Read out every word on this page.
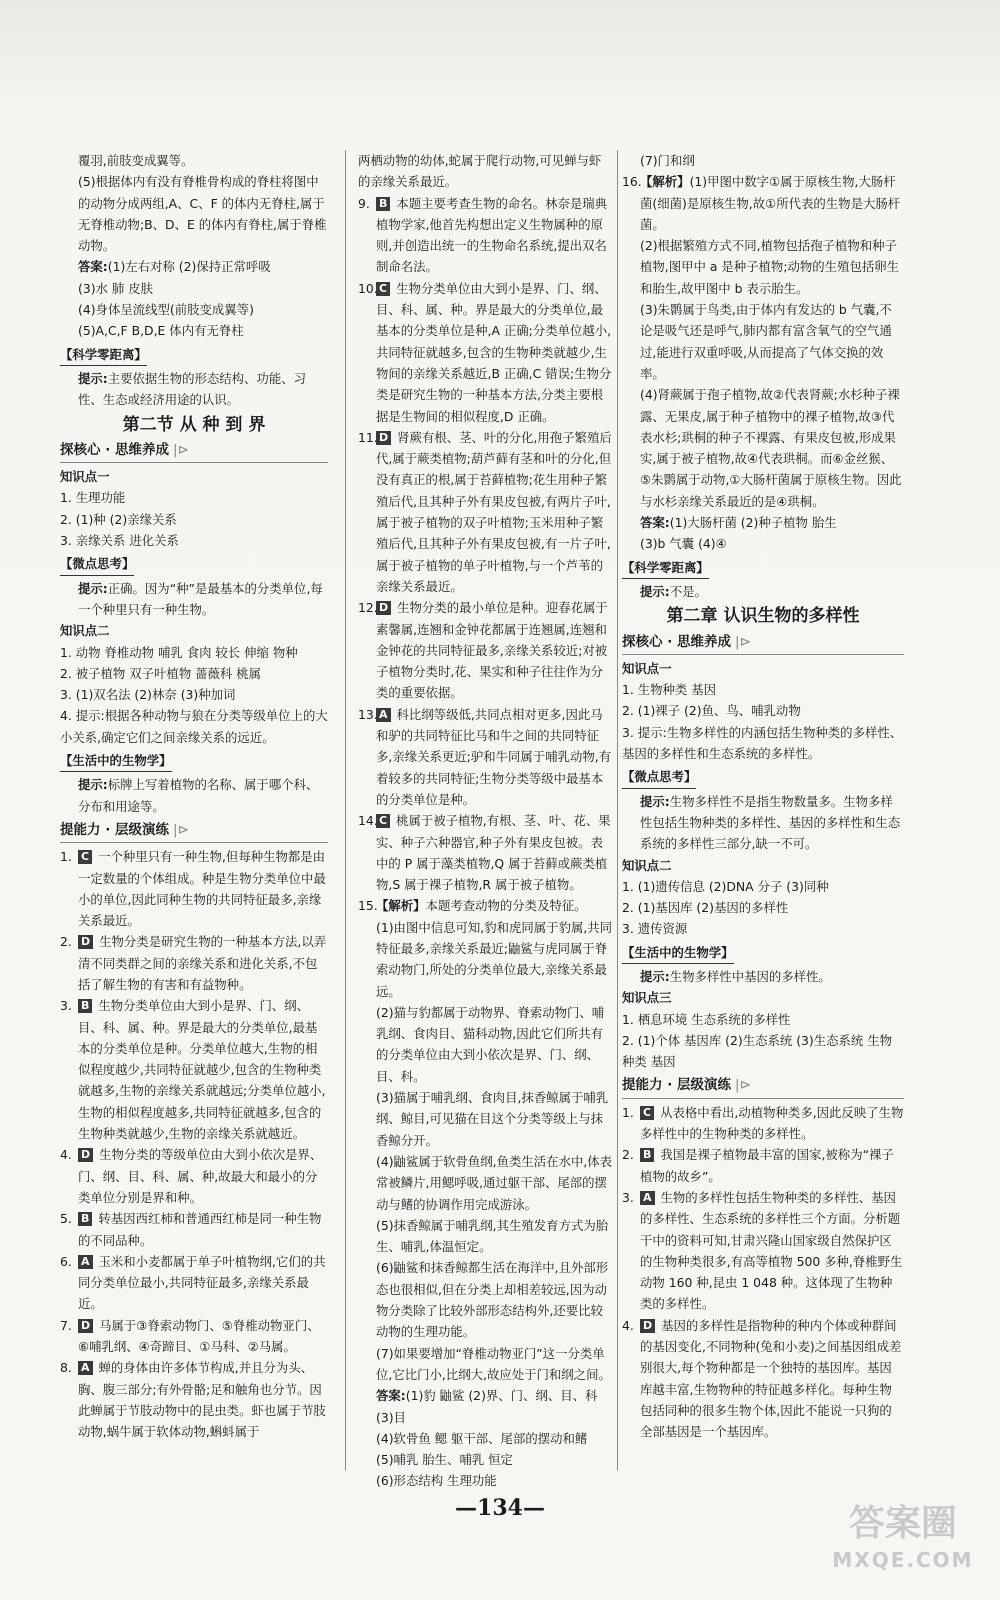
覆羽,前肢变成翼等。

(5)根据体内有没有脊椎骨构成的脊柱将图中的动物分成两组,A、C、F 的体内无脊柱,属于无脊椎动物;B、D、E 的体内有脊柱,属于脊椎动物。

答案:(1)左右对称 (2)保持正常呼吸

(3)水 肺 皮肤

(4)身体呈流线型(前肢变成翼等)

(5)A,C,F B,D,E 体内有无脊柱

【科学零距离】

提示:主要依据生物的形态结构、功能、习性、生态或经济用途的认识。

第二节 从 种 到 界
探核心 · 思维养成 |⊳
知识点一

1. 生理功能

2. (1)种 (2)亲缘关系

3. 亲缘关系 进化关系

【微点思考】

提示:正确。因为“种”是最基本的分类单位,每一个种里只有一种生物。

知识点二

1. 动物 脊椎动物 哺乳 食肉 较长 伸缩 物种

2. 被子植物 双子叶植物 蔷薇科 桃属

3. (1)双名法 (2)林奈 (3)种加词

4. 提示:根据各种动物与狼在分类等级单位上的大小关系,确定它们之间亲缘关系的远近。

【生活中的生物学】

提示:标牌上写着植物的名称、属于哪个科、分布和用途等。

提能力 · 层级演练 |⊳

1. C 一个种里只有一种生物,但每种生物都是由一定数量的个体组成。种是生物分类单位中最小的单位,因此同种生物的共同特征最多,亲缘关系最近。

2. D 生物分类是研究生物的一种基本方法,以弄清不同类群之间的亲缘关系和进化关系,不包括了解生物的有害和有益物种。

3. B 生物分类单位由大到小是界、门、纲、目、科、属、种。界是最大的分类单位,最基本的分类单位是种。分类单位越大,生物的相似程度越少,共同特征就越少,包含的生物种类就越多,生物的亲缘关系就越远;分类单位越小,生物的相似程度越多,共同特征就越多,包含的生物种类就越少,生物的亲缘关系就越近。

4. D 生物分类的等级单位由大到小依次是界、门、纲、目、科、属、种,故最大和最小的分类单位分别是界和种。

5. B 转基因西红柿和普通西红柿是同一种生物的不同品种。

6. A 玉米和小麦都属于单子叶植物纲,它们的共同分类单位最小,共同特征最多,亲缘关系最近。

7. D 马属于③脊索动物门、⑤脊椎动物亚门、⑥哺乳纲、④奇蹄目、①马科、②马属。

8. A 蝉的身体由许多体节构成,并且分为头、胸、腹三部分;有外骨骼;足和触角也分节。因此蝉属于节肢动物中的昆虫类。虾也属于节肢动物,蜗牛属于软体动物,蝌蚪属于

两栖动物的幼体,蛇属于爬行动物,可见蝉与虾的亲缘关系最近。

9. B 本题主要考查生物的命名。林奈是瑞典植物学家,他首先构想出定义生物属种的原则,并创造出统一的生物命名系统,提出双名制命名法。

10. C 生物分类单位由大到小是界、门、纲、目、科、属、种。界是最大的分类单位,最基本的分类单位是种,A 正确;分类单位越小,共同特征就越多,包含的生物种类就越少,生物间的亲缘关系越近,B 正确,C 错误;生物分类是研究生物的一种基本方法,分类主要根据是生物间的相似程度,D 正确。

11. D 肾蕨有根、茎、叶的分化,用孢子繁殖后代,属于蕨类植物;葫芦藓有茎和叶的分化,但没有真正的根,属于苔藓植物;花生用种子繁殖后代,且其种子外有果皮包被,有两片子叶,属于被子植物的双子叶植物;玉米用种子繁殖后代,且其种子外有果皮包被,有一片子叶,属于被子植物的单子叶植物,与一个芦苇的亲缘关系最近。

12. D 生物分类的最小单位是种。迎春花属于素馨属,连翘和金钟花都属于连翘属,连翘和金钟花的共同特征最多,亲缘关系较近;对被子植物分类时,花、果实和种子往往作为分类的重要依据。

13. A 科比纲等级低,共同点相对更多,因此马和驴的共同特征比马和牛之间的共同特征多,亲缘关系更近;驴和牛同属于哺乳动物,有着较多的共同特征;生物分类等级中最基本的分类单位是种。

14. C 桃属于被子植物,有根、茎、叶、花、果实、种子六种器官,种子外有果皮包被。表中的 P 属于藻类植物,Q 属于苔藓或蕨类植物,S 属于裸子植物,R 属于被子植物。

15.
【解析】本题考查动物的分类及特征。

(1)由图中信息可知,豹和虎同属于豹属,共同特征最多,亲缘关系最近;鼬鲨与虎同属于脊索动物门,所处的分类单位最大,亲缘关系最远。

(2)猫与豹都属于动物界、脊索动物门、哺乳纲、食肉目、猫科动物,因此它们所共有的分类单位由大到小依次是界、门、纲、目、科。

(3)猫属于哺乳纲、食肉目,抹香鲸属于哺乳纲、鲸目,可见猫在目这个分类等级上与抹香鲸分开。

(4)鼬鲨属于软骨鱼纲,鱼类生活在水中,体表常被鳞片,用鳃呼吸,通过躯干部、尾部的摆动与鳍的协调作用完成游泳。

(5)抹香鲸属于哺乳纲,其生殖发育方式为胎生、哺乳,体温恒定。

(6)鼬鲨和抹香鲸都生活在海洋中,且外部形态也很相似,但在分类上却相差较远,因为动物分类除了比较外部形态结构外,还要比较动物的生理功能。

(7)如果要增加“脊椎动物亚门”这一分类单位,它比门小,比纲大,故应处于门和纲之间。

答案:(1)豹 鼬鲨 (2)界、门、纲、目、科

(3)目

(4)软骨鱼 鳃 躯干部、尾部的摆动和鳍

(5)哺乳 胎生、哺乳 恒定

(6)形态结构 生理功能

(7)门和纲

16.
【解析】(1)甲图中数字①属于原核生物,大肠杆菌(细菌)是原核生物,故①所代表的生物是大肠杆菌。

(2)根据繁殖方式不同,植物包括孢子植物和种子植物,图甲中 a 是种子植物;动物的生殖包括卵生和胎生,故甲图中 b 表示胎生。

(3)朱鹮属于鸟类,由于体内有发达的 b 气囊,不论是吸气还是呼气,肺内都有富含氧气的空气通过,能进行双重呼吸,从而提高了气体交换的效率。

(4)肾蕨属于孢子植物,故②代表肾蕨;水杉种子裸露、无果皮,属于种子植物中的裸子植物,故③代表水杉;珙桐的种子不裸露、有果皮包被,形成果实,属于被子植物,故④代表珙桐。而⑥金丝猴、⑤朱鹮属于动物,①大肠杆菌属于原核生物。因此与水杉亲缘关系最近的是④珙桐。

答案:(1)大肠杆菌 (2)种子植物 胎生

(3)b 气囊 (4)④

【科学零距离】

提示:不是。

第二章 认识生物的多样性
探核心 · 思维养成 |⊳
知识点一

1. 生物种类 基因

2. (1)裸子 (2)鱼、鸟、哺乳动物

3. 提示:生物多样性的内涵包括生物种类的多样性、基因的多样性和生态系统的多样性。

【微点思考】

提示:生物多样性不是指生物数量多。生物多样性包括生物种类的多样性、基因的多样性和生态系统的多样性三部分,缺一不可。

知识点二

1. (1)遗传信息 (2)DNA 分子 (3)同种

2. (1)基因库 (2)基因的多样性

3. 遗传资源

【生活中的生物学】

提示:生物多样性中基因的多样性。

知识点三

1. 栖息环境 生态系统的多样性

2. (1)个体 基因库 (2)生态系统 (3)生态系统 生物种类 基因

提能力 · 层级演练 |⊳

1. C 从表格中看出,动植物种类多,因此反映了生物多样性中的生物种类的多样性。

2. B 我国是裸子植物最丰富的国家,被称为“裸子植物的故乡”。

3. A 生物的多样性包括生物种类的多样性、基因的多样性、生态系统的多样性三个方面。分析题干中的资料可知,甘肃兴隆山国家级自然保护区的生物种类很多,有高等植物 500 多种,脊椎野生动物 160 种,昆虫 1 048 种。这体现了生物种类的多样性。

4. D 基因的多样性是指物种的种内个体或种群间的基因变化,不同物种(兔和小麦)之间基因组成差别很大,每个物种都是一个独特的基因库。基因库越丰富,生物物种的特征越多样化。每种生物包括同种的很多生物个体,因此不能说一只狗的全部基因是一个基因库。

—134—	答案圈
MXQE.COM
